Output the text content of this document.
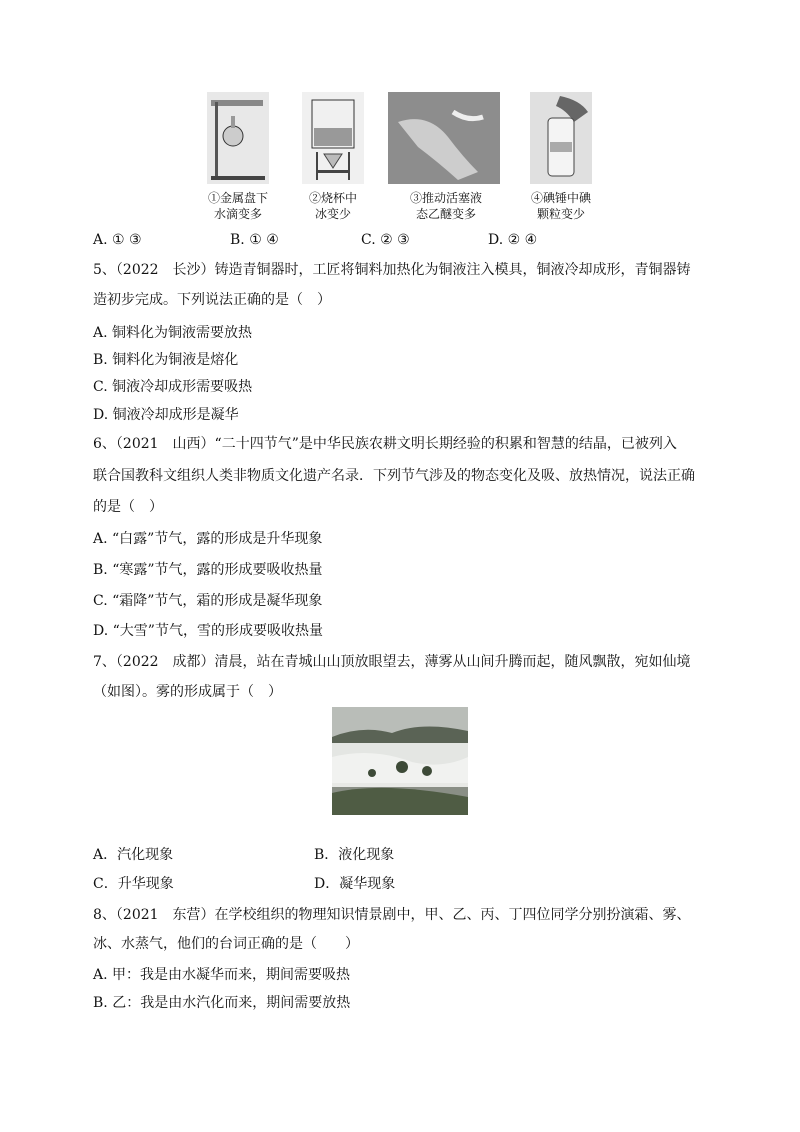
①金属盘下
水滴变多
②烧杯中
冰变少
③推动活塞液
态乙醚变多
④碘锤中碘
颗粒变少
A. ① ③	B. ① ④	C. ② ③	D. ② ④
5、（2022　长沙）铸造青铜器时，工匠将铜料加热化为铜液注入模具，铜液冷却成形，青铜器铸
造初步完成。下列说法正确的是（　）
A. 铜料化为铜液需要放热
B. 铜料化为铜液是熔化
C. 铜液冷却成形需要吸热
D. 铜液冷却成形是凝华
6、（2021　山西）“二十四节气”是中华民族农耕文明长期经验的积累和智慧的结晶，已被列入
联合国教科文组织人类非物质文化遗产名录．下列节气涉及的物态变化及吸、放热情况，说法正确
的是（　）
A. “白露”节气，露的形成是升华现象
B. “寒露”节气，露的形成要吸收热量
C. “霜降”节气，霜的形成是凝华现象
D. “大雪”节气，雪的形成要吸收热量
7、（2022　成都）清晨，站在青城山山顶放眼望去，薄雾从山间升腾而起，随风飘散，宛如仙境
（如图）。雾的形成属于（　）
A．汽化现象	B．液化现象
C．升华现象	D．凝华现象
8、（2021　东营）在学校组织的物理知识情景剧中，甲、乙、丙、丁四位同学分别扮演霜、雾、
冰、水蒸气，他们的台词正确的是（　　）
A. 甲：我是由水凝华而来，期间需要吸热
B. 乙：我是由水汽化而来，期间需要放热
